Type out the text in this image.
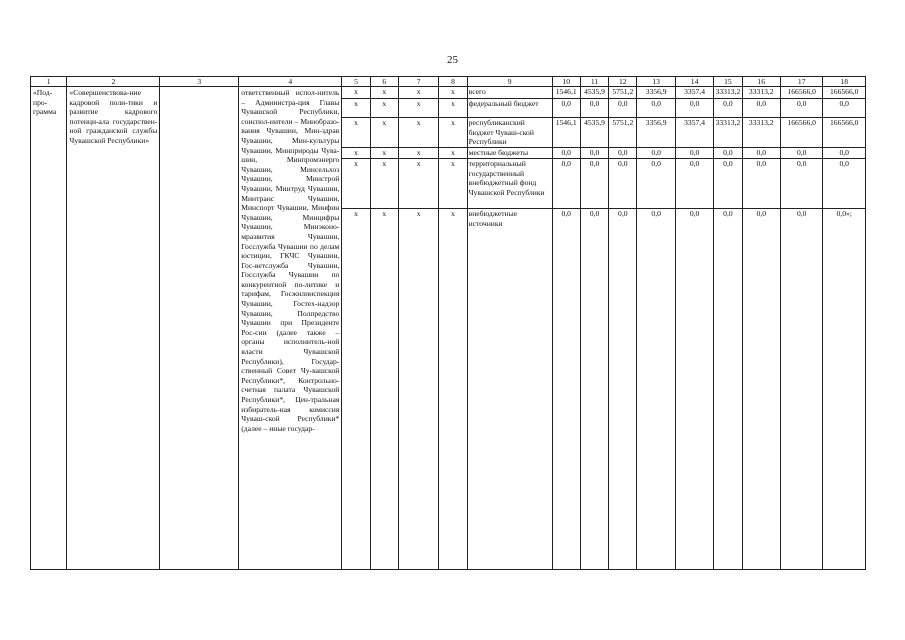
25
1	2	3	4	5	6	7	8	9	10	11	12	13	14	15	16	17	18
«Под-про-грамма	«Совершенствова-ние кадровой поли-тики и развитие кадрового потенци-ала государствен-ной гражданской службы Чувашской Республики»		ответственный испол-нитель – Администра-ция Главы Чувашской Республики, соиспол-нители – Минобразо-вания Чувашии, Мин-здрав Чувашии, Мин-культуры Чувашии, Минприроды Чува-шии, Минпромэнерго Чувашии, Минсельхоз Чувашии, Минстрой Чувашии, Минтруд Чувашии, Минтранс Чувашии, Минспорт Чувашии, Минфин Чувашии, Минцифры Чувашии, Минэконо-мразвития Чувашии, Госслужба Чувашии по делам юстиции, ГКЧС Чувашии, Гос-ветслужба Чувашии, Госслужба Чувашии по конкурентной по-литике и тарифам, Госжилинспекция Чувашии, Гостех-надзор Чувашии, Полпредство Чувашии при Президенте Рос-сии (далее также – органы исполнитель-ной власти Чувашской Республики), Государ-ственный Совет Чу-вашской Республики*, Контрольно-счетная палата Чувашской Республики*, Цен-тральная избиратель-ная комиссия Чуваш-ской Республики* (далее – иные государ-	x	x	x	x	всего	1546,1	4535,9	5751,2	3356,9	3357,4	33313,2	33313,2	166566,0	166566,0
				x	x	x	x	федеральный бюджет	0,0	0,0	0,0	0,0	0,0	0,0	0,0	0,0	0,0
				x	x	x	x	республиканский бюджет Чуваш-ской Республики	1546,1	4535,9	5751,2	3356,9	3357,4	33313,2	33313,2	166566,0	166566,0
				x	x	x	x	местные бюджеты	0,0	0,0	0,0	0,0	0,0	0,0	0,0	0,0	0,0
				x	x	x	x	территориальный государственный внебюджетный фонд Чувашской Республики	0,0	0,0	0,0	0,0	0,0	0,0	0,0	0,0	0,0
				x	x	x	x	внебюджетные источники	0,0	0,0	0,0	0,0	0,0	0,0	0,0	0,0	0,0»;
